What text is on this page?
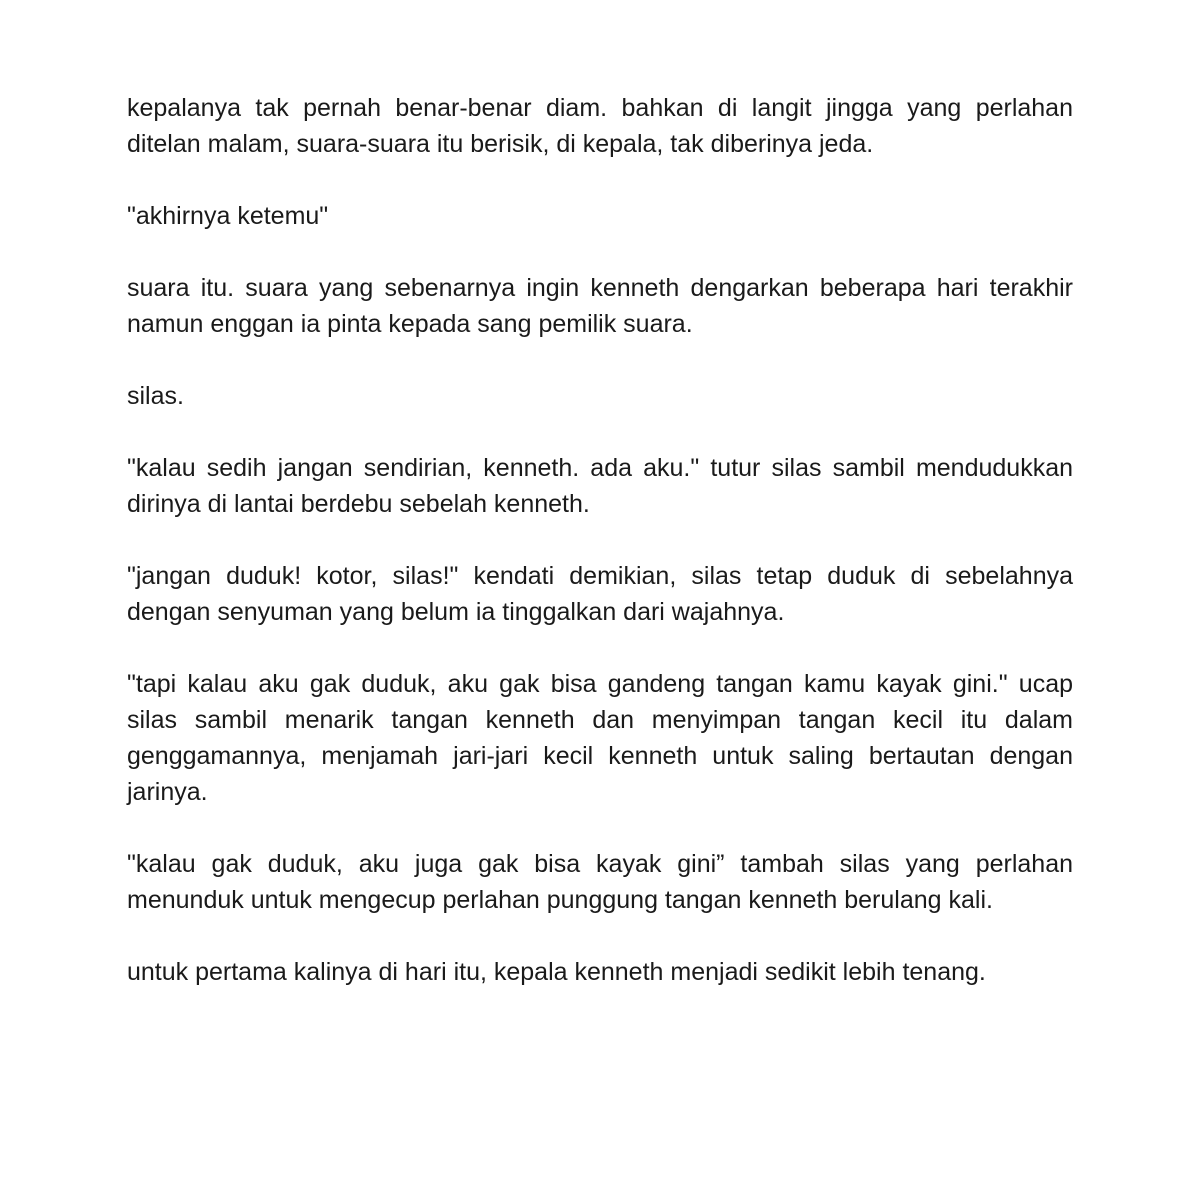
kepalanya tak pernah benar-benar diam. bahkan di langit jingga yang perlahan ditelan malam, suara-suara itu berisik, di kepala, tak diberinya jeda.

"akhirnya ketemu"

suara itu. suara yang sebenarnya ingin kenneth dengarkan beberapa hari terakhir namun enggan ia pinta kepada sang pemilik suara.

silas.

"kalau sedih jangan sendirian, kenneth. ada aku." tutur silas sambil mendudukkan dirinya di lantai berdebu sebelah kenneth.

"jangan duduk! kotor, silas!" kendati demikian, silas tetap duduk di sebelahnya dengan senyuman yang belum ia tinggalkan dari wajahnya.

"tapi kalau aku gak duduk, aku gak bisa gandeng tangan kamu kayak gini." ucap silas sambil menarik tangan kenneth dan menyimpan tangan kecil itu dalam genggamannya, menjamah jari-jari kecil kenneth untuk saling bertautan dengan jarinya.

"kalau gak duduk, aku juga gak bisa kayak gini” tambah silas yang perlahan menunduk untuk mengecup perlahan punggung tangan kenneth berulang kali.

untuk pertama kalinya di hari itu, kepala kenneth menjadi sedikit lebih tenang.
